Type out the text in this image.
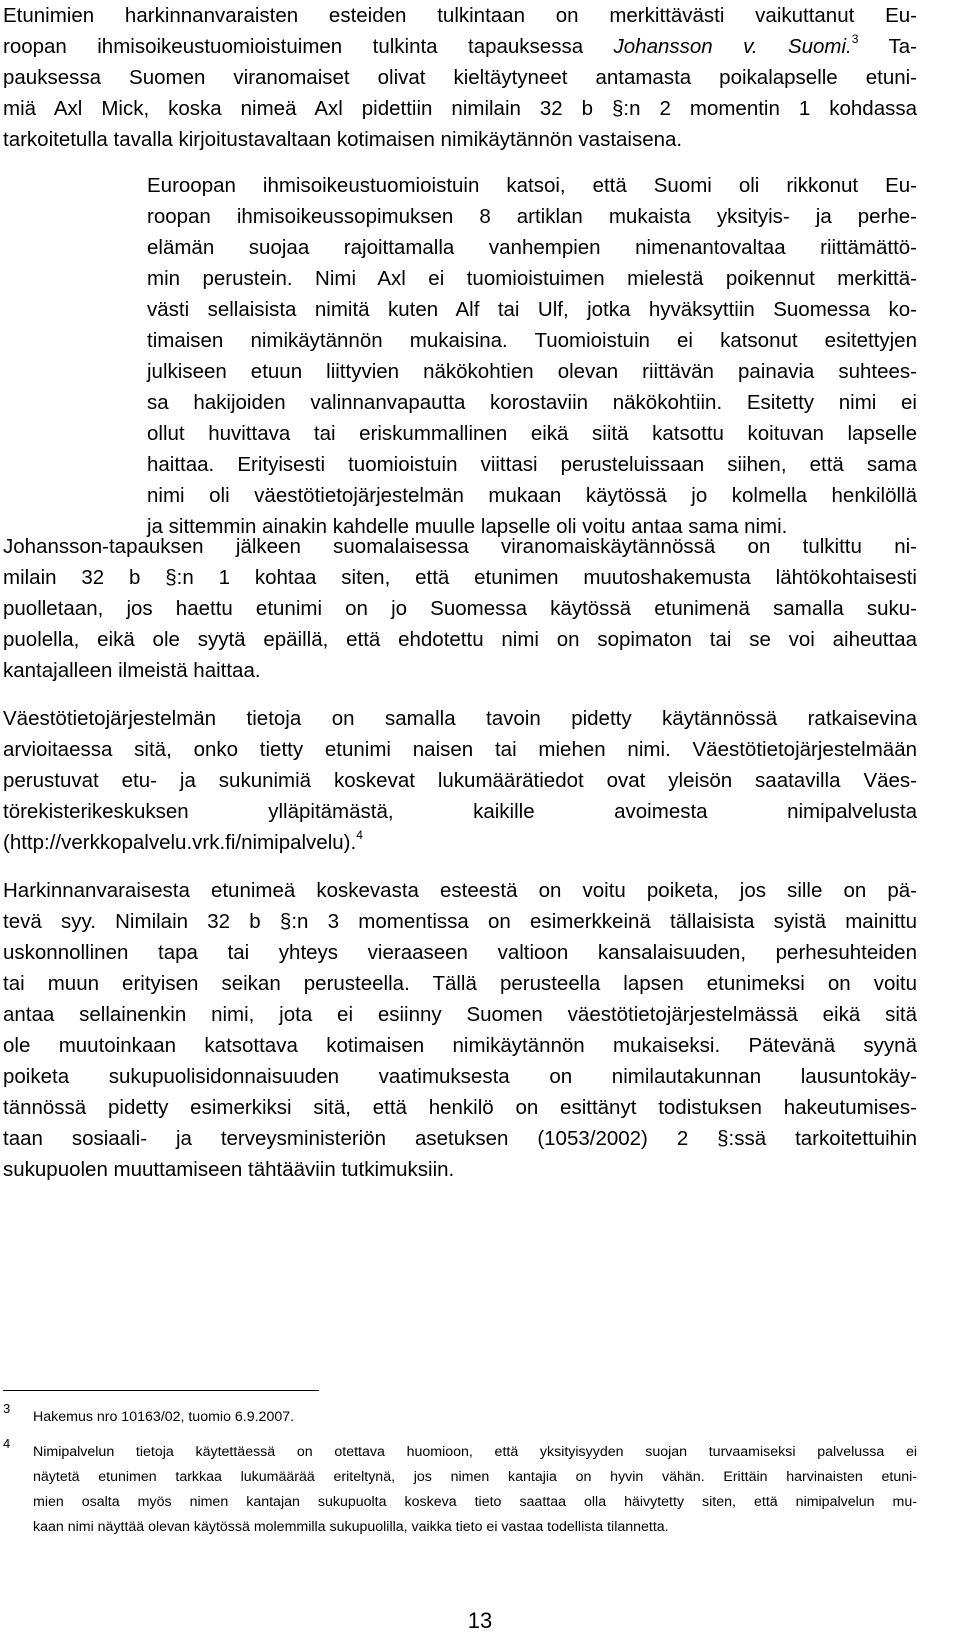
Etunimien harkinnanvaraisten esteiden tulkintaan on merkittävästi vaikuttanut Eu-
roopan ihmisoikeustuomioistuimen tulkinta tapauksessa Johansson v. Suomi.$^3$ Ta-
pauksessa Suomen viranomaiset olivat kieltäytyneet antamasta poikalapselle etuni-
miä Axl Mick, koska nimeä Axl pidettiin nimilain 32 b §:n 2 momentin 1 kohdassa
tarkoitetulla tavalla kirjoitustavaltaan kotimaisen nimikäytännön vastaisena.
Euroopan ihmisoikeustuomioistuin katsoi, että Suomi oli rikkonut Eu-
roopan ihmisoikeussopimuksen 8 artiklan mukaista yksityis- ja perhe-
elämän suojaa rajoittamalla vanhempien nimenantovaltaa riittämättö-
min perustein. Nimi Axl ei tuomioistuimen mielestä poikennut merkittä-
västi sellaisista nimitä kuten Alf tai Ulf, jotka hyväksyttiin Suomessa ko-
timaisen nimikäytännön mukaisina. Tuomioistuin ei katsonut esitettyjen
julkiseen etuun liittyvien näkökohtien olevan riittävän painavia suhtees-
sa hakijoiden valinnanvapautta korostaviin näkökohtiin. Esitetty nimi ei
ollut huvittava tai eriskummallinen eikä siitä katsottu koituvan lapselle
haittaa. Erityisesti tuomioistuin viittasi perusteluissaan siihen, että sama
nimi oli väestötietojärjestelmän mukaan käytössä jo kolmella henkilöllä
ja sittemmin ainakin kahdelle muulle lapselle oli voitu antaa sama nimi.
Johansson-tapauksen jälkeen suomalaisessa viranomaiskäytännössä on tulkittu ni-
milain 32 b §:n 1 kohtaa siten, että etunimen muutoshakemusta lähtökohtaisesti
puolletaan, jos haettu etunimi on jo Suomessa käytössä etunimenä samalla suku-
puolella, eikä ole syytä epäillä, että ehdotettu nimi on sopimaton tai se voi aiheuttaa
kantajalleen ilmeistä haittaa.
Väestötietojärjestelmän tietoja on samalla tavoin pidetty käytännössä ratkaisevina
arvioitaessa sitä, onko tietty etunimi naisen tai miehen nimi. Väestötietojärjestelmään
perustuvat etu- ja sukunimiä koskevat lukumäärätiedot ovat yleisön saatavilla Väes-
törekisterikeskuksen ylläpitämästä, kaikille avoimesta nimipalvelusta
(http://verkkopalvelu.vrk.fi/nimipalvelu).$^4$
Harkinnanvaraisesta etunimeä koskevasta esteestä on voitu poiketa, jos sille on pä-
tevä syy. Nimilain 32 b §:n 3 momentissa on esimerkkeinä tällaisista syistä mainittu
uskonnollinen tapa tai yhteys vieraaseen valtioon kansalaisuuden, perhesuhteiden
tai muun erityisen seikan perusteella. Tällä perusteella lapsen etunimeksi on voitu
antaa sellainenkin nimi, jota ei esiinny Suomen väestötietojärjestelmässä eikä sitä
ole muutoinkaan katsottava kotimaisen nimikäytännön mukaiseksi. Pätevänä syynä
poiketa sukupuolisidonnaisuuden vaatimuksesta on nimilautakunnan lausuntokäy-
tännössä pidetty esimerkiksi sitä, että henkilö on esittänyt todistuksen hakeutumises-
taan sosiaali- ja terveysministeriön asetuksen (1053/2002) 2 §:ssä tarkoitettuihin
sukupuolen muuttamiseen tähtääviin tutkimuksiin.
3
Hakemus nro 10163/02, tuomio 6.9.2007.
4
Nimipalvelun tietoja käytettäessä on otettava huomioon, että yksityisyyden suojan turvaamiseksi palvelussa ei
näytetä etunimen tarkkaa lukumäärää eriteltynä, jos nimen kantajia on hyvin vähän. Erittäin harvinaisten etuni-
mien osalta myös nimen kantajan sukupuolta koskeva tieto saattaa olla häivytetty siten, että nimipalvelun mu-
kaan nimi näyttää olevan käytössä molemmilla sukupuolilla, vaikka tieto ei vastaa todellista tilannetta.
13
